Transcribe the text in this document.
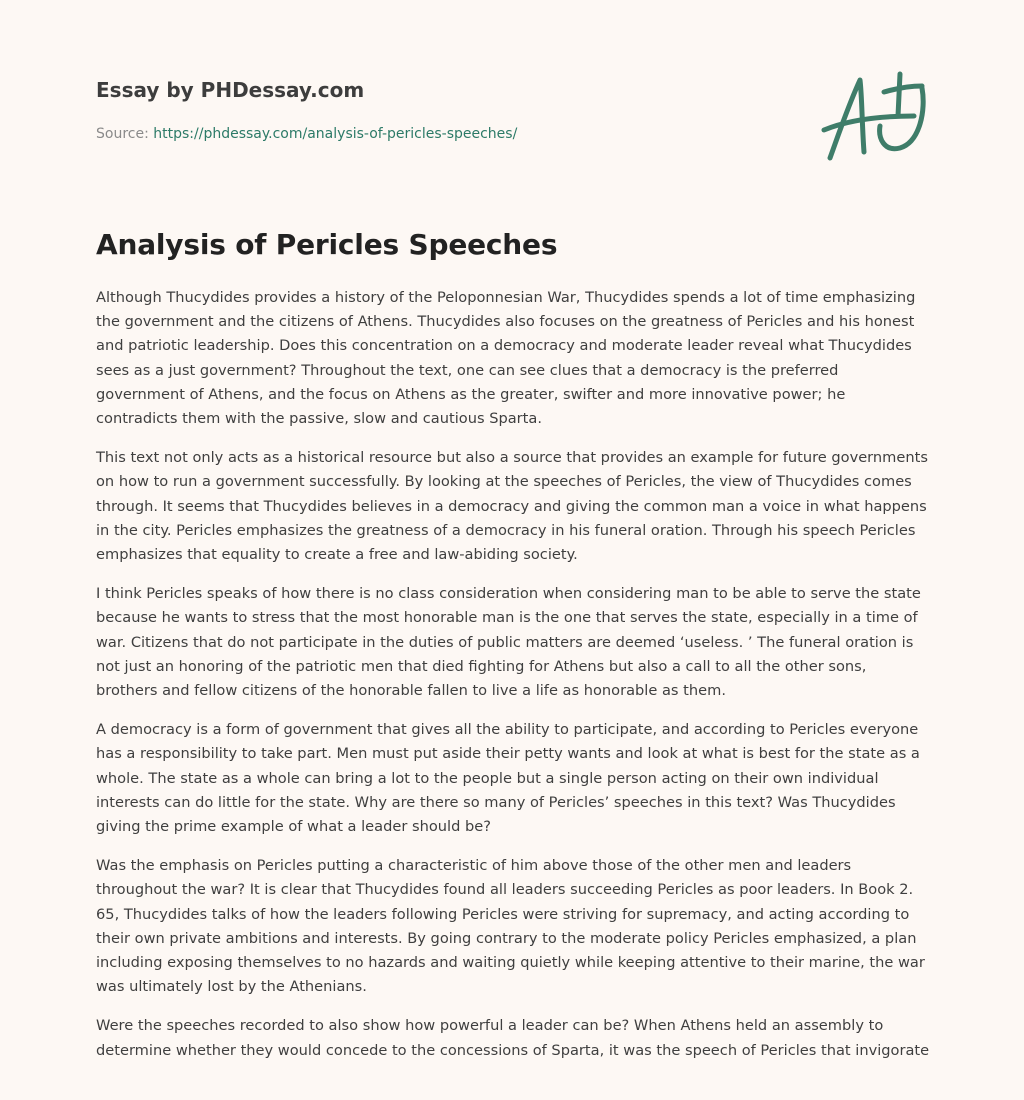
Essay by PHDessay.com
Source: https://phdessay.com/analysis-of-pericles-speeches/
Analysis of Pericles Speeches

Although Thucydides provides a history of the Peloponnesian War, Thucydides spends a lot of time emphasizing the government and the citizens of Athens. Thucydides also focuses on the greatness of Pericles and his honest and patriotic leadership. Does this concentration on a democracy and moderate leader reveal what Thucydides sees as a just government? Throughout the text, one can see clues that a democracy is the preferred government of Athens, and the focus on Athens as the greater, swifter and more innovative power; he contradicts them with the passive, slow and cautious Sparta.

This text not only acts as a historical resource but also a source that provides an example for future governments on how to run a government successfully. By looking at the speeches of Pericles, the view of Thucydides comes through. It seems that Thucydides believes in a democracy and giving the common man a voice in what happens in the city. Pericles emphasizes the greatness of a democracy in his funeral oration. Through his speech Pericles emphasizes that equality to create a free and law-abiding society.

I think Pericles speaks of how there is no class consideration when considering man to be able to serve the state because he wants to stress that the most honorable man is the one that serves the state, especially in a time of war. Citizens that do not participate in the duties of public matters are deemed ‘useless. ’ The funeral oration is not just an honoring of the patriotic men that died fighting for Athens but also a call to all the other sons, brothers and fellow citizens of the honorable fallen to live a life as honorable as them.

A democracy is a form of government that gives all the ability to participate, and according to Pericles everyone has a responsibility to take part. Men must put aside their petty wants and look at what is best for the state as a whole. The state as a whole can bring a lot to the people but a single person acting on their own individual interests can do little for the state. Why are there so many of Pericles’ speeches in this text? Was Thucydides giving the prime example of what a leader should be?

Was the emphasis on Pericles putting a characteristic of him above those of the other men and leaders throughout the war? It is clear that Thucydides found all leaders succeeding Pericles as poor leaders. In Book 2. 65, Thucydides talks of how the leaders following Pericles were striving for supremacy, and acting according to their own private ambitions and interests. By going contrary to the moderate policy Pericles emphasized, a plan including exposing themselves to no hazards and waiting quietly while keeping attentive to their marine, the war was ultimately lost by the Athenians.

Were the speeches recorded to also show how powerful a leader can be? When Athens held an assembly to determine whether they would concede to the concessions of Sparta, it was the speech of Pericles that invigorate
